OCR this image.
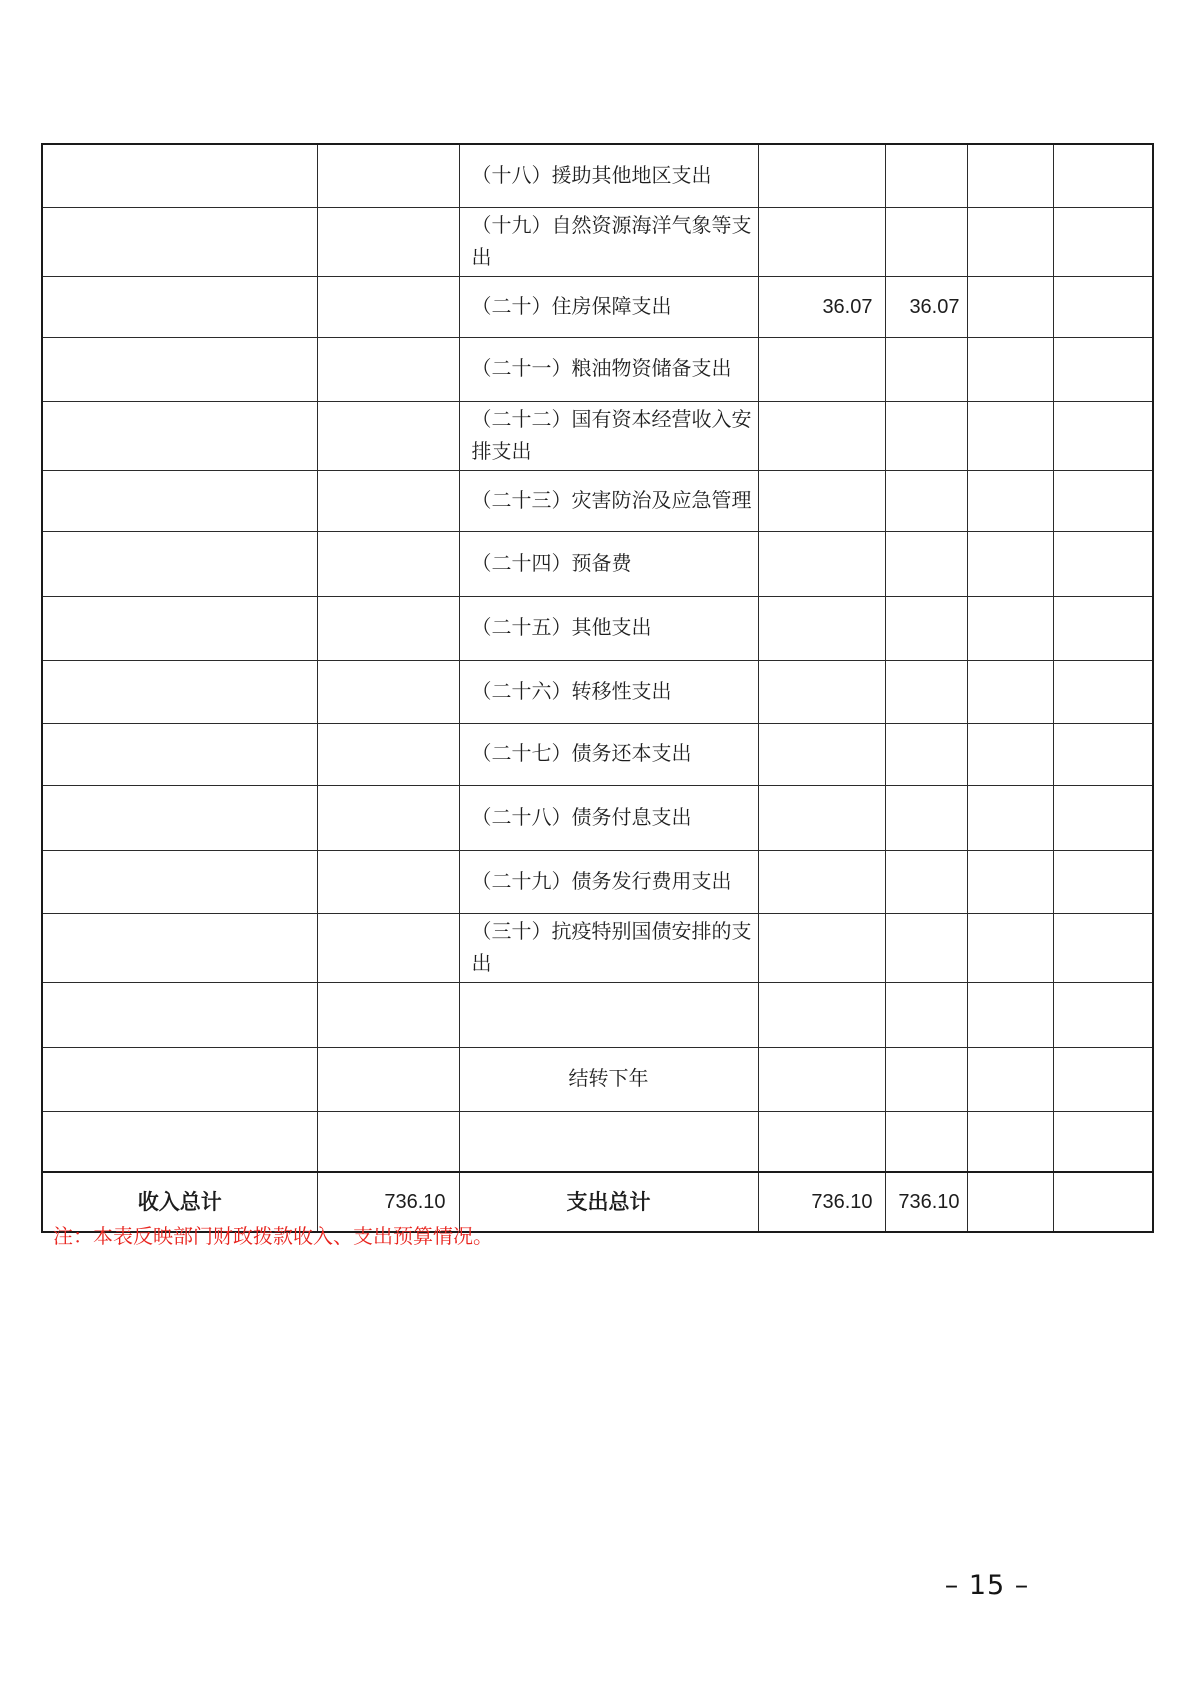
		（十八）援助其他地区支出				
		（十九）自然资源海洋气象等支出				
		（二十）住房保障支出	36.07	36.07		
		（二十一）粮油物资储备支出				
		（二十二）国有资本经营收入安排支出				
		（二十三）灾害防治及应急管理				
		（二十四）预备费				
		（二十五）其他支出				
		（二十六）转移性支出				
		（二十七）债务还本支出				
		（二十八）债务付息支出				
		（二十九）债务发行费用支出				
		（三十）抗疫特别国债安排的支出				

		结转下年				

收入总计	736.10	支出总计	736.10	736.10		
注：本表反映部门财政拨款收入、支出预算情况。
– 15 –
